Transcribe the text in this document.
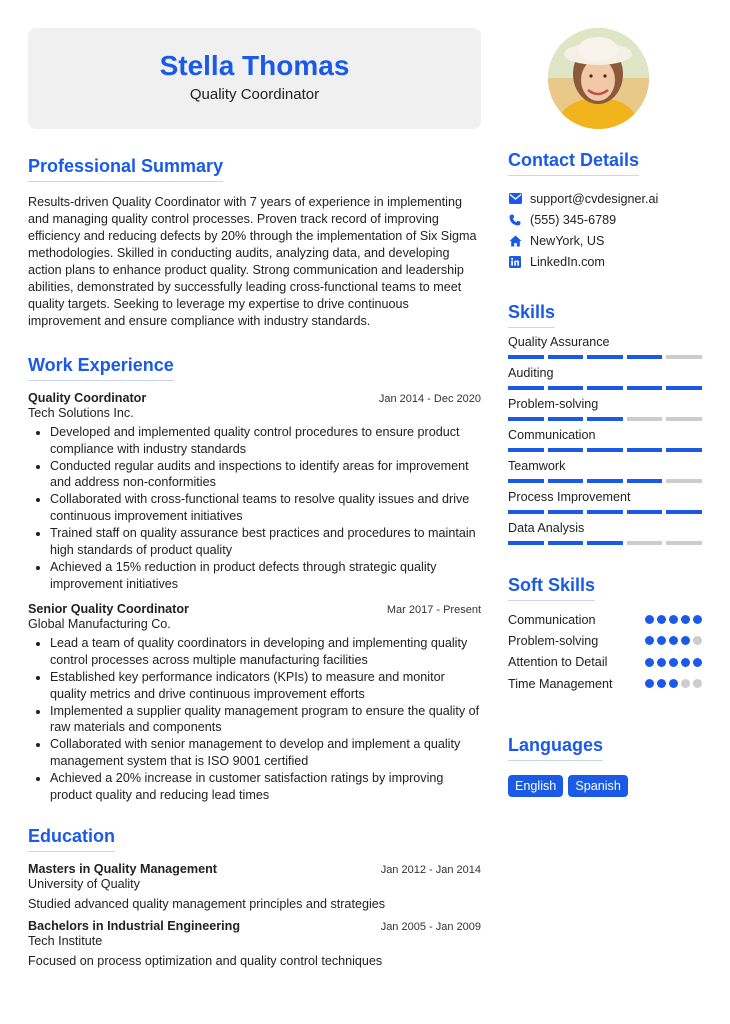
Stella Thomas
Quality Coordinator
Professional Summary
Results-driven Quality Coordinator with 7 years of experience in implementing and managing quality control processes. Proven track record of improving efficiency and reducing defects by 20% through the implementation of Six Sigma methodologies. Skilled in conducting audits, analyzing data, and developing action plans to enhance product quality. Strong communication and leadership abilities, demonstrated by successfully leading cross-functional teams to meet quality targets. Seeking to leverage my expertise to drive continuous improvement and ensure compliance with industry standards.
Work Experience
Quality Coordinator	Jan 2014 - Dec 2020
Tech Solutions Inc.
• Developed and implemented quality control procedures to ensure product compliance with industry standards
• Conducted regular audits and inspections to identify areas for improvement and address non-conformities
• Collaborated with cross-functional teams to resolve quality issues and drive continuous improvement initiatives
• Trained staff on quality assurance best practices and procedures to maintain high standards of product quality
• Achieved a 15% reduction in product defects through strategic quality improvement initiatives
Senior Quality Coordinator	Mar 2017 - Present
Global Manufacturing Co.
• Lead a team of quality coordinators in developing and implementing quality control processes across multiple manufacturing facilities
• Established key performance indicators (KPIs) to measure and monitor quality metrics and drive continuous improvement efforts
• Implemented a supplier quality management program to ensure the quality of raw materials and components
• Collaborated with senior management to develop and implement a quality management system that is ISO 9001 certified
• Achieved a 20% increase in customer satisfaction ratings by improving product quality and reducing lead times
Education
Masters in Quality Management	Jan 2012 - Jan 2014
University of Quality
Studied advanced quality management principles and strategies
Bachelors in Industrial Engineering	Jan 2005 - Jan 2009
Tech Institute
Focused on process optimization and quality control techniques
Contact Details
support@cvdesigner.ai
(555) 345-6789
NewYork, US
LinkedIn.com
Skills
Quality Assurance
Auditing
Problem-solving
Communication
Teamwork
Process Improvement
Data Analysis
Soft Skills
Communication
Problem-solving
Attention to Detail
Time Management
Languages
English	Spanish
